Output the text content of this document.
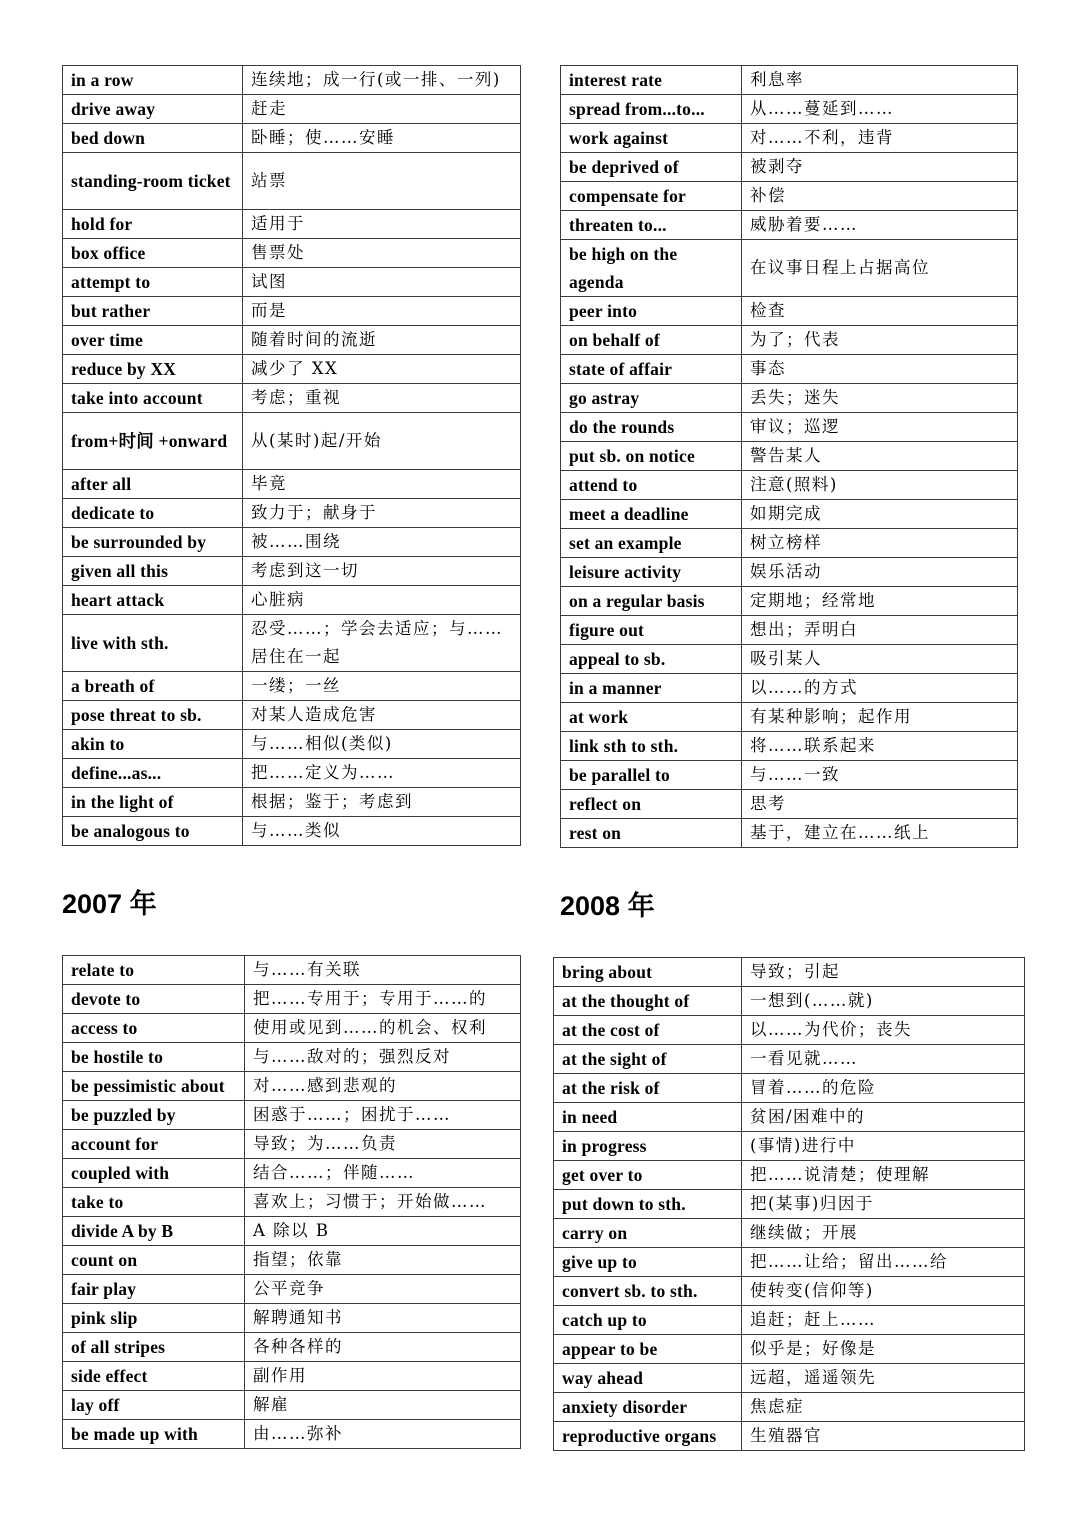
in a row	连续地；成一行(或一排、一列)
drive away	赶走
bed down	卧睡；使……安睡
standing-room ticket	站票
hold for	适用于
box office	售票处
attempt to	试图
but rather	而是
over time	随着时间的流逝
reduce by XX	减少了 XX
take into account	考虑；重视
from+时间 +onward	从(某时)起/开始
after all	毕竟
dedicate to	致力于；献身于
be surrounded by	被……围绕
given all this	考虑到这一切
heart attack	心脏病
live with sth.	忍受……；学会去适应；与……居住在一起
a breath of	一缕；一丝
pose threat to sb.	对某人造成危害
akin to	与……相似(类似)
define...as...	把……定义为……
in the light of	根据；鉴于；考虑到
be analogous to	与……类似
interest rate	利息率
spread from...to...	从……蔓延到……
work against	对……不利，违背
be deprived of	被剥夺
compensate for	补偿
threaten to...	威胁着要……
be high on the agenda	在议事日程上占据高位
peer into	检查
on behalf of	为了；代表
state of affair	事态
go astray	丢失；迷失
do the rounds	审议；巡逻
put sb. on notice	警告某人
attend to	注意(照料)
meet a deadline	如期完成
set an example	树立榜样
leisure activity	娱乐活动
on a regular basis	定期地；经常地
figure out	想出；弄明白
appeal to sb.	吸引某人
in a manner	以……的方式
at work	有某种影响；起作用
link sth to sth.	将……联系起来
be parallel to	与……一致
reflect on	思考
rest on	基于，建立在……纸上
2007 年	2008 年
relate to	与……有关联
devote to	把……专用于；专用于……的
access to	使用或见到……的机会、权利
be hostile to	与……敌对的；强烈反对
be pessimistic about	对……感到悲观的
be puzzled by	困惑于……；困扰于……
account for	导致；为……负责
coupled with	结合……；伴随……
take to	喜欢上；习惯于；开始做……
divide A by B	A 除以 B
count on	指望；依靠
fair play	公平竞争
pink slip	解聘通知书
of all stripes	各种各样的
side effect	副作用
lay off	解雇
be made up with	由……弥补
bring about	导致；引起
at the thought of	一想到(……就)
at the cost of	以……为代价；丧失
at the sight of	一看见就……
at the risk of	冒着……的危险
in need	贫困/困难中的
in progress	(事情)进行中
get over to	把……说清楚；使理解
put down to sth.	把(某事)归因于
carry on	继续做；开展
give up to	把……让给；留出……给
convert sb. to sth.	使转变(信仰等)
catch up to	追赶；赶上……
appear to be	似乎是；好像是
way ahead	远超，遥遥领先
anxiety disorder	焦虑症
reproductive organs	生殖器官
